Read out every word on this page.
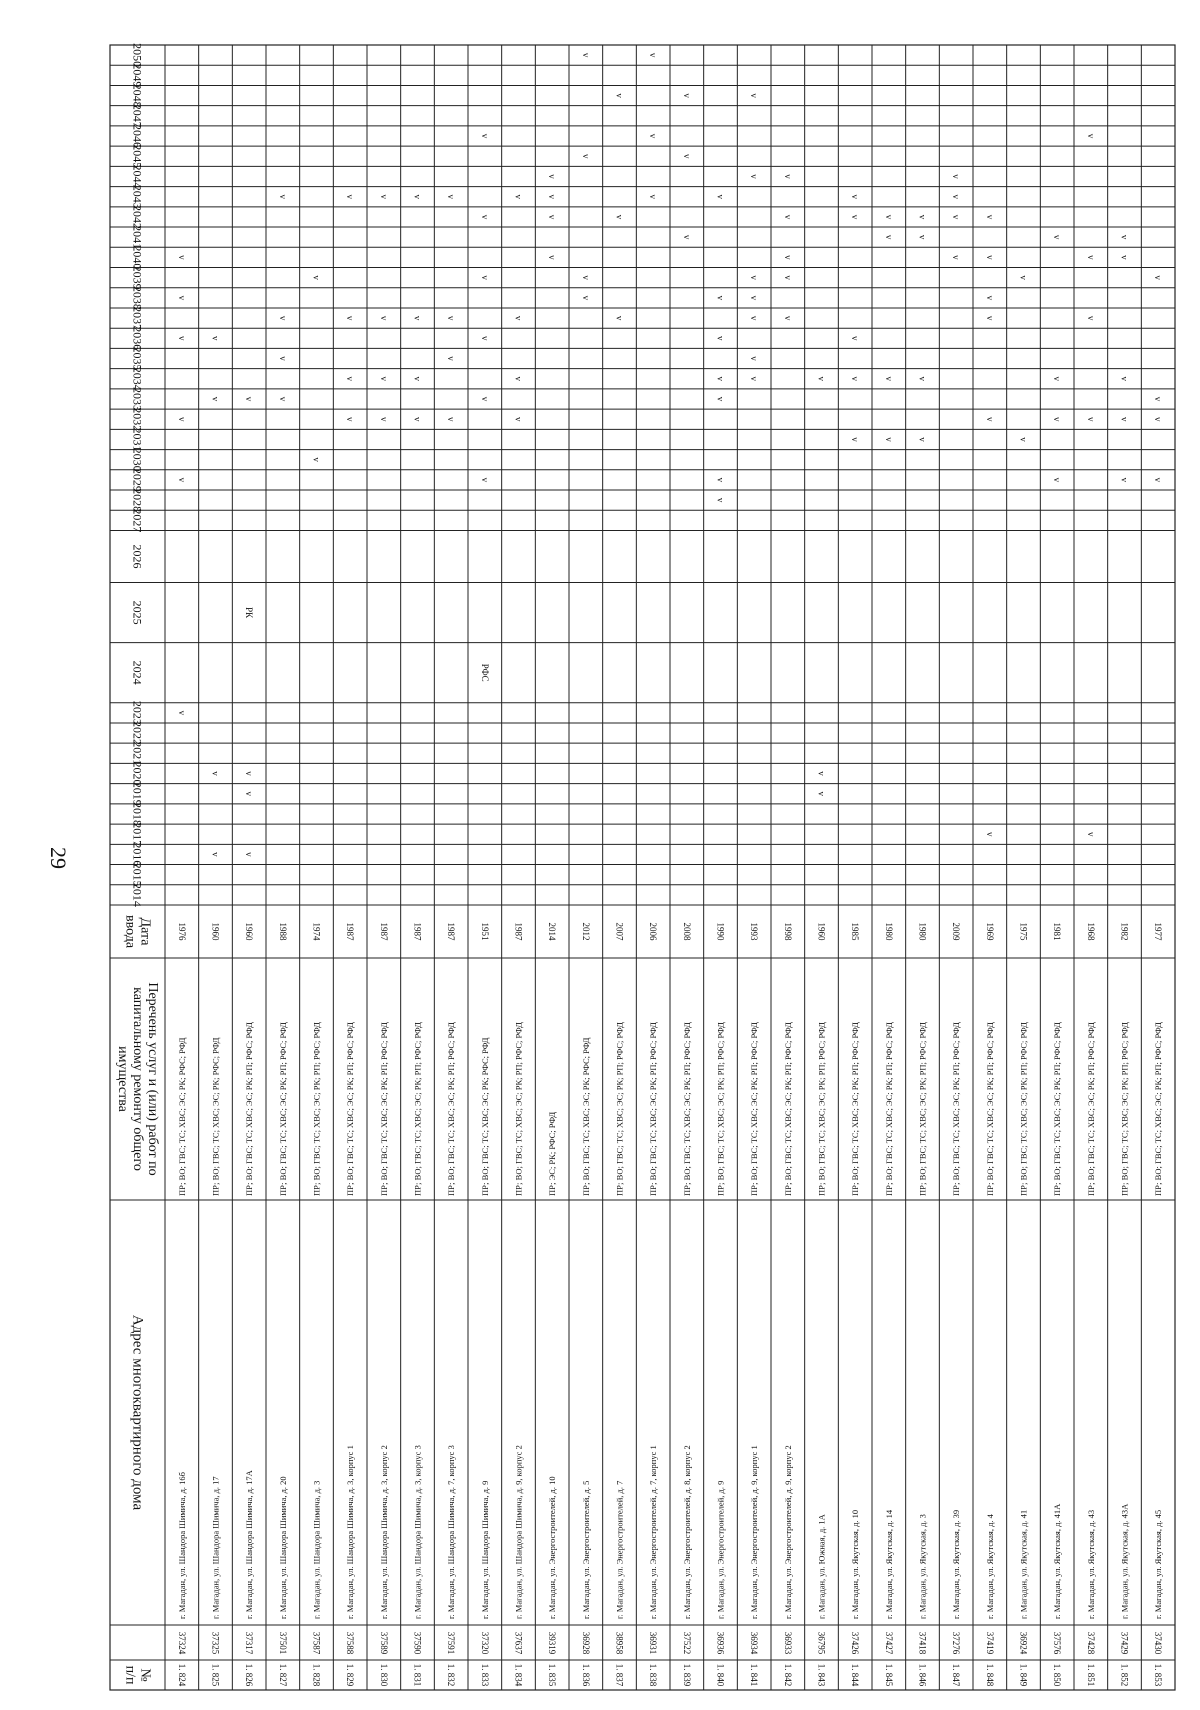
29
№
п/п
Адрес многоквартирного дома
Перечень услуг и (или) работ по
капитальному ремонту общего
имущества
Дата
ввода
2014
2015
2016
2017
2018
2019
2020
2021
2022
2023
2024
2025
2026
2027
2028
2029
2030
2031
2032
2033
2034
2035
2036
2037
2038
2039
2040
2041
2042
2043
2044
2045
2046
2047
2048
2049
2050
1. 824
37324
г. Магадан, ул. Шандора Шимича, д. 16б
ПР; ВО; ГВС; ТС; ХВС; ЭС; РК; РФС; РФД
1976
v
v
v
v
v
v
1. 825
37325
г. Магадан, ул. Шандора Шимича, д. 17
ПР; ВО; ГВС; ТС; ХВС; ЭС; РК; РФС; РФД
1960
v
v
v
v
1. 826
37317
г. Магадан, ул. Шандора Шимича, д. 17А
ПР; ВО; ГВС; ТС; ХВС; ЭС; РК; РП; РФС; РФД
1960
v
v
v
РК
v
1. 827
37501
г. Магадан, ул. Шандора Шимича, д. 20
ПР; ВО; ГВС; ТС; ХВС; ЭС; РК; РП; РФС; РФД
1988
v
v
v
v
1. 828
37587
г. Магадан, ул. Шандора Шимича, д. 3
ПР; ВО; ГВС; ТС; ХВС; ЭС; РК; РП; РФС; РФД
1974
v
v
1. 829
37588
г. Магадан, ул. Шандора Шимича, д. 3, корпус 1
ПР; ВО; ГВС; ТС; ХВС; ЭС; РК; РП; РФС; РФД
1987
v
v
v
v
1. 830
37589
г. Магадан, ул. Шандора Шимича, д. 3, корпус 2
ПР; ВО; ГВС; ТС; ХВС; ЭС; РК; РП; РФС; РФД
1987
v
v
v
v
1. 831
37590
г. Магадан, ул. Шандора Шимича, д. 3, корпус 3
ПР; ВО; ГВС; ТС; ХВС; ЭС; РК; РП; РФС; РФД
1987
v
v
v
v
1. 832
37591
г. Магадан, ул. Шандора Шимича, д. 7, корпус 3
ПР; ВО; ГВС; ТС; ХВС; ЭС; РК; РП; РФС; РФД
1987
v
v
v
v
1. 833
37320
г. Магадан, ул. Шандора Шимича, д. 9
ПР; ВО; ГВС; ТС; ХВС; ЭС; РК; РФС; РФД
1951
РФС
v
v
v
v
v
v
1. 834
37637
г. Магадан, ул. Шандора Шимича, д. 9, корпус 2
ПР; ВО; ГВС; ТС; ХВС; ЭС; РК; РП; РФС; РФД
1987
v
v
v
v
1. 835
39319
г. Магадан, ул. Энергостроителей, д. 10
ПР; ЭС; РК; РФС; РФД
2014
v
v
v
v
1. 836
36928
г. Магадан, ул. Энергостроителей, д. 5
ПР; ВО; ГВС; ТС; ХВС; ЭС; РК; РФС; РФД
2012
v
v
v
v
1. 837
38958
г. Магадан, ул. Энергостроителей, д. 7
ПР; ВО; ГВС; ТС; ХВС; ЭС; РК; РП; РФС; РФД
2007
v
v
v
1. 838
36931
г. Магадан, ул. Энергостроителей, д. 7, корпус 1
ПР; ВО; ГВС; ТС; ХВС; ЭС; РК; РП; РФС; РФД
2006
v
v
v
1. 839
37522
г. Магадан, ул. Энергостроителей, д. 8, корпус 2
ПР; ВО; ГВС; ТС; ХВС; ЭС; РК; РП; РФС; РФД
2008
v
v
v
1. 840
36936
г. Магадан, ул. Энергостроителей, д. 9
ПР; ВО; ГВС; ТС; ХВС; ЭС; РК; РП; РФС; РФД
1990
v
v
v
v
v
v
v
1. 841
36934
г. Магадан, ул. Энергостроителей, д. 9, корпус 1
ПР; ВО; ГВС; ТС; ХВС; ЭС; РК; РП; РФС; РФД
1993
v
v
v
v
v
v
v
1. 842
36933
г. Магадан, ул. Энергостроителей, д. 9, корпус 2
ПР; ВО; ГВС; ТС; ХВС; ЭС; РК; РП; РФС; РФД
1998
v
v
v
v
v
1. 843
36795
г. Магадан, ул. Южная, д. 1А
ПР; ВО; ГВС; ТС; ХВС; ЭС; РК; РП; РФС; РФД
1960
v
v
v
1. 844
37426
г. Магадан, ул. Якутская, д. 10
ПР; ВО; ГВС; ТС; ХВС; ЭС; РК; РП; РФС; РФД
1985
v
v
v
v
v
1. 845
37427
г. Магадан, ул. Якутская, д. 14
ПР; ВО; ГВС; ТС; ХВС; ЭС; РК; РП; РФС; РФД
1980
v
v
v
v
1. 846
37418
г. Магадан, ул. Якутская, д. 3
ПР; ВО; ГВС; ТС; ХВС; ЭС; РК; РП; РФС; РФД
1980
v
v
v
v
1. 847
37276
г. Магадан, ул. Якутская, д. 39
ПР; ВО; ГВС; ТС; ХВС; ЭС; РК; РП; РФС; РФД
2009
v
v
v
v
1. 848
37419
г. Магадан, ул. Якутская, д. 4
ПР; ВО; ГВС; ТС; ХВС; ЭС; РК; РП; РФС; РФД
1969
v
v
v
v
v
v
1. 849
36924
г. Магадан, ул. Якутская, д. 41
ПР; ВО; ГВС; ТС; ХВС; ЭС; РК; РП; РФС; РФД
1975
v
v
1. 850
37576
г. Магадан, ул. Якутская, д. 41А
ПР; ВО; ГВС; ТС; ХВС; ЭС; РК; РП; РФС; РФД
1981
v
v
v
v
1. 851
37428
г. Магадан, ул. Якутская, д. 43
ПР; ВО; ГВС; ТС; ХВС; ЭС; РК; РП; РФС; РФД
1968
v
v
v
v
v
1. 852
37429
г. Магадан, ул. Якутская, д. 43А
ПР; ВО; ГВС; ТС; ХВС; ЭС; РК; РП; РФС; РФД
1982
v
v
v
v
v
1. 853
37430
г. Магадан, ул. Якутская, д. 45
ПР; ВО; ГВС; ТС; ХВС; ЭС; РК; РП; РФС; РФД
1977
v
v
v
v
